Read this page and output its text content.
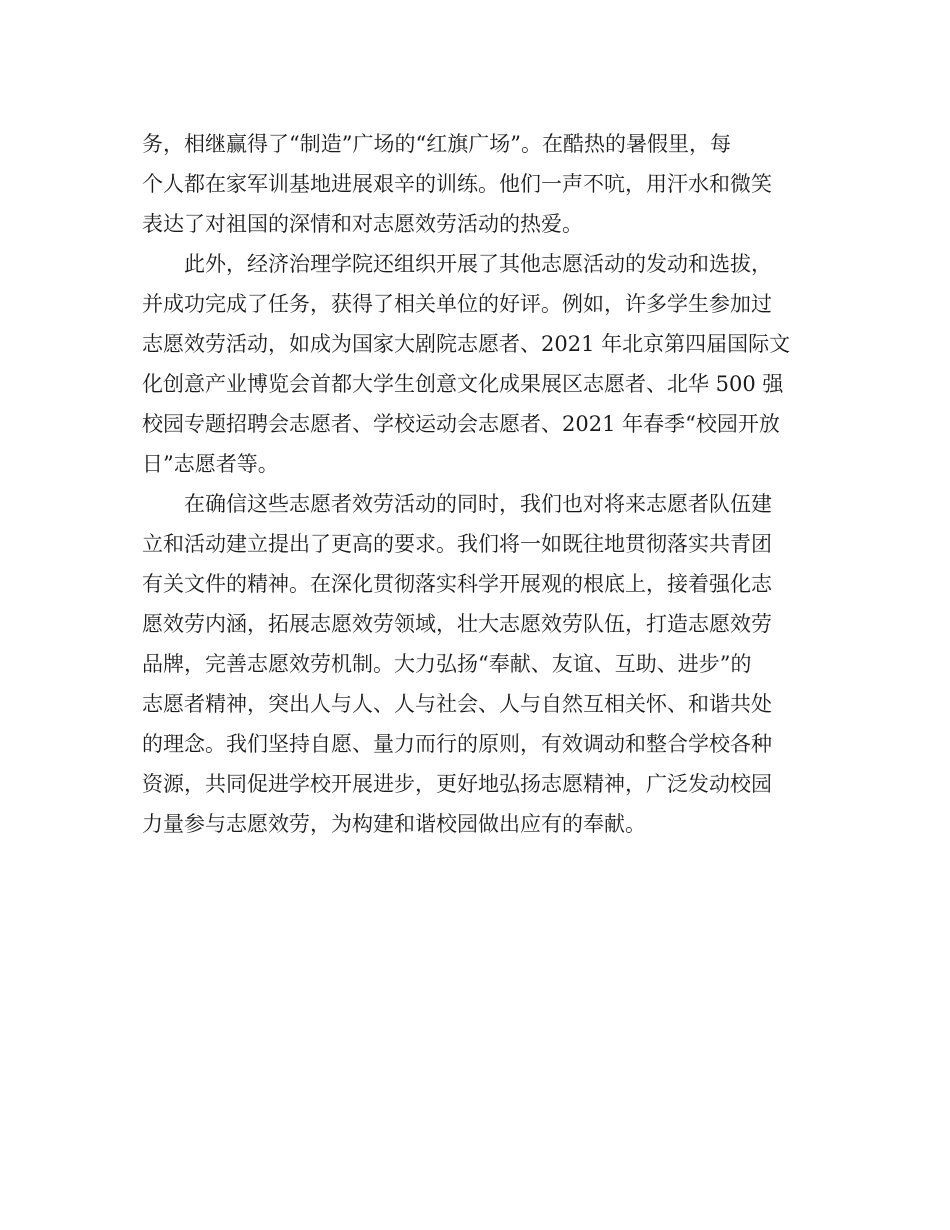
务，相继赢得了“制造”广场的“红旗广场”。在酷热的暑假里，每
个人都在家军训基地进展艰辛的训练。他们一声不吭，用汗水和微笑
表达了对祖国的深情和对志愿效劳活动的热爱。
　　此外，经济治理学院还组织开展了其他志愿活动的发动和选拔，
并成功完成了任务，获得了相关单位的好评。例如，许多学生参加过
志愿效劳活动，如成为国家大剧院志愿者、2021 年北京第四届国际文
化创意产业博览会首都大学生创意文化成果展区志愿者、北华 500 强
校园专题招聘会志愿者、学校运动会志愿者、2021 年春季“校园开放
日”志愿者等。
　　在确信这些志愿者效劳活动的同时，我们也对将来志愿者队伍建
立和活动建立提出了更高的要求。我们将一如既往地贯彻落实共青团
有关文件的精神。在深化贯彻落实科学开展观的根底上，接着强化志
愿效劳内涵，拓展志愿效劳领域，壮大志愿效劳队伍，打造志愿效劳
品牌，完善志愿效劳机制。大力弘扬“奉献、友谊、互助、进步”的
志愿者精神，突出人与人、人与社会、人与自然互相关怀、和谐共处
的理念。我们坚持自愿、量力而行的原则，有效调动和整合学校各种
资源，共同促进学校开展进步，更好地弘扬志愿精神，广泛发动校园
力量参与志愿效劳，为构建和谐校园做出应有的奉献。
